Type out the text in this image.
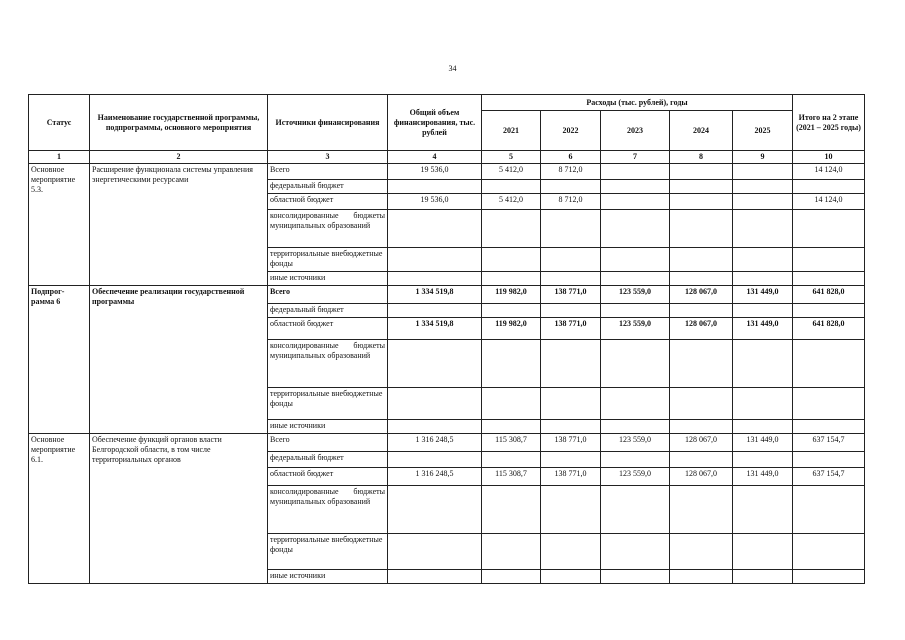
34
Статус	Наименование государственной программы, подпрограммы, основного мероприятия	Источники финансирования	Общий объем финансирования, тыс. рублей	Расходы (тыс. рублей), годы					Итого на 2 этапе (2021 – 2025 годы)
				2021	2022	2023	2024	2025	
1	2	3	4	5	6	7	8	9	10
Основное мероприятие 5.3.	Расширение функционала системы управления энергетическими ресурсами	Всего	19 536,0	5 412,0	8 712,0				14 124,0
		федеральный бюджет							
		областной бюджет	19 536,0	5 412,0	8 712,0				14 124,0
		консолидированные бюджеты муниципальных образований							
		территориальные внебюджетные фонды							
		иные источники							
Подпрог-рамма 6	Обеспечение реализации государственной программы	Всего	1 334 519,8	119 982,0	138 771,0	123 559,0	128 067,0	131 449,0	641 828,0
		федеральный бюджет							
		областной бюджет	1 334 519,8	119 982,0	138 771,0	123 559,0	128 067,0	131 449,0	641 828,0
		консолидированные бюджеты муниципальных образований							
		территориальные внебюджетные фонды							
		иные источники							
Основное мероприятие 6.1.	Обеспечение функций органов власти Белгородской области, в том числе территориальных органов	Всего	1 316 248,5	115 308,7	138 771,0	123 559,0	128 067,0	131 449,0	637 154,7
		федеральный бюджет							
		областной бюджет	1 316 248,5	115 308,7	138 771,0	123 559,0	128 067,0	131 449,0	637 154,7
		консолидированные бюджеты муниципальных образований							
		территориальные внебюджетные фонды							
		иные источники							
